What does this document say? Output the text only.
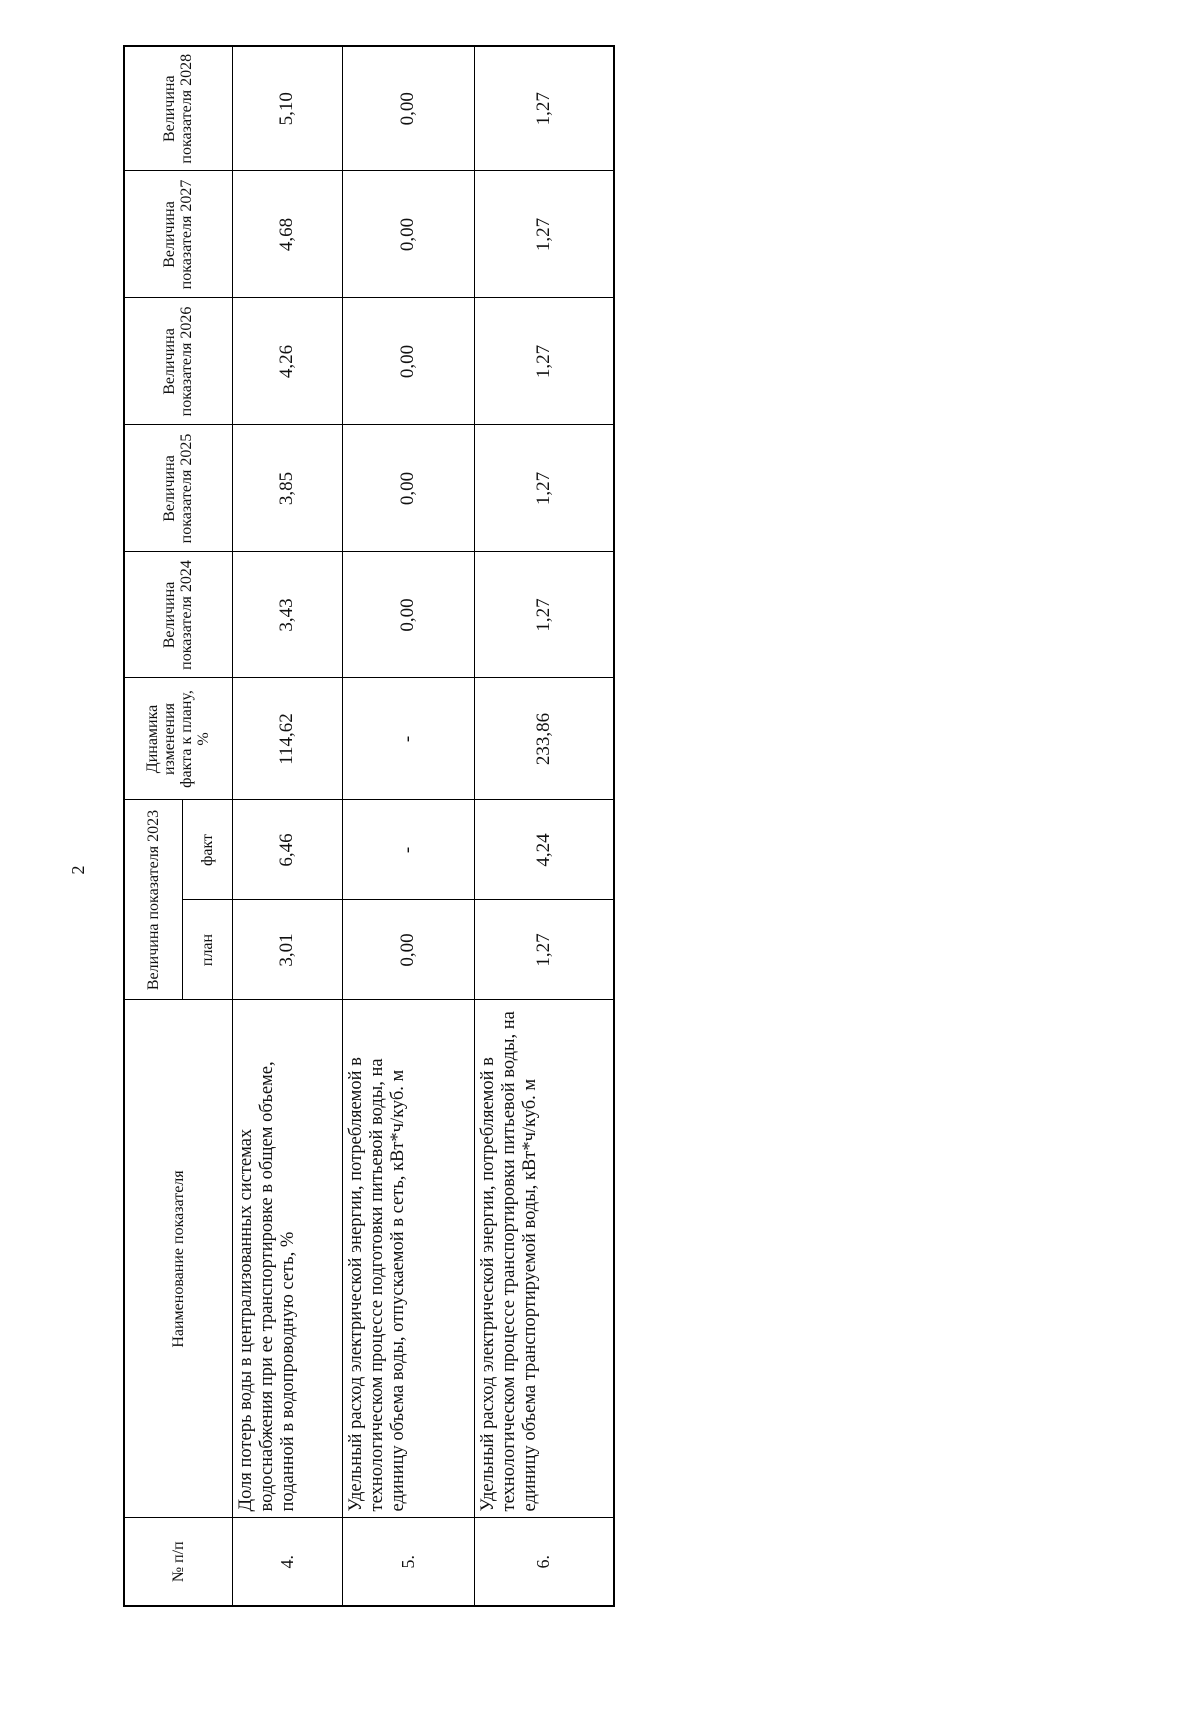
2
№ п/п	Наименование показателя	Величина показателя 2023		Динамика изменения факта к плану, %	Величина показателя 2024	Величина показателя 2025	Величина показателя 2026	Величина показателя 2027	Величина показателя 2028
		план	факт						
4.	Доля потерь воды в централизованных системах водоснабжения при ее транспортировке в общем объеме, поданной в водопроводную сеть, %	3,01	6,46	114,62	3,43	3,85	4,26	4,68	5,10
5.	Удельный расход электрической энергии, потребляемой в технологическом процессе подготовки питьевой воды, на единицу объема воды, отпускаемой в сеть, кВт*ч/куб. м	0,00	-	-	0,00	0,00	0,00	0,00	0,00
6.	Удельный расход электрической энергии, потребляемой в технологическом процессе транспортировки питьевой воды, на единицу объема транспортируемой воды, кВт*ч/куб. м	1,27	4,24	233,86	1,27	1,27	1,27	1,27	1,27
